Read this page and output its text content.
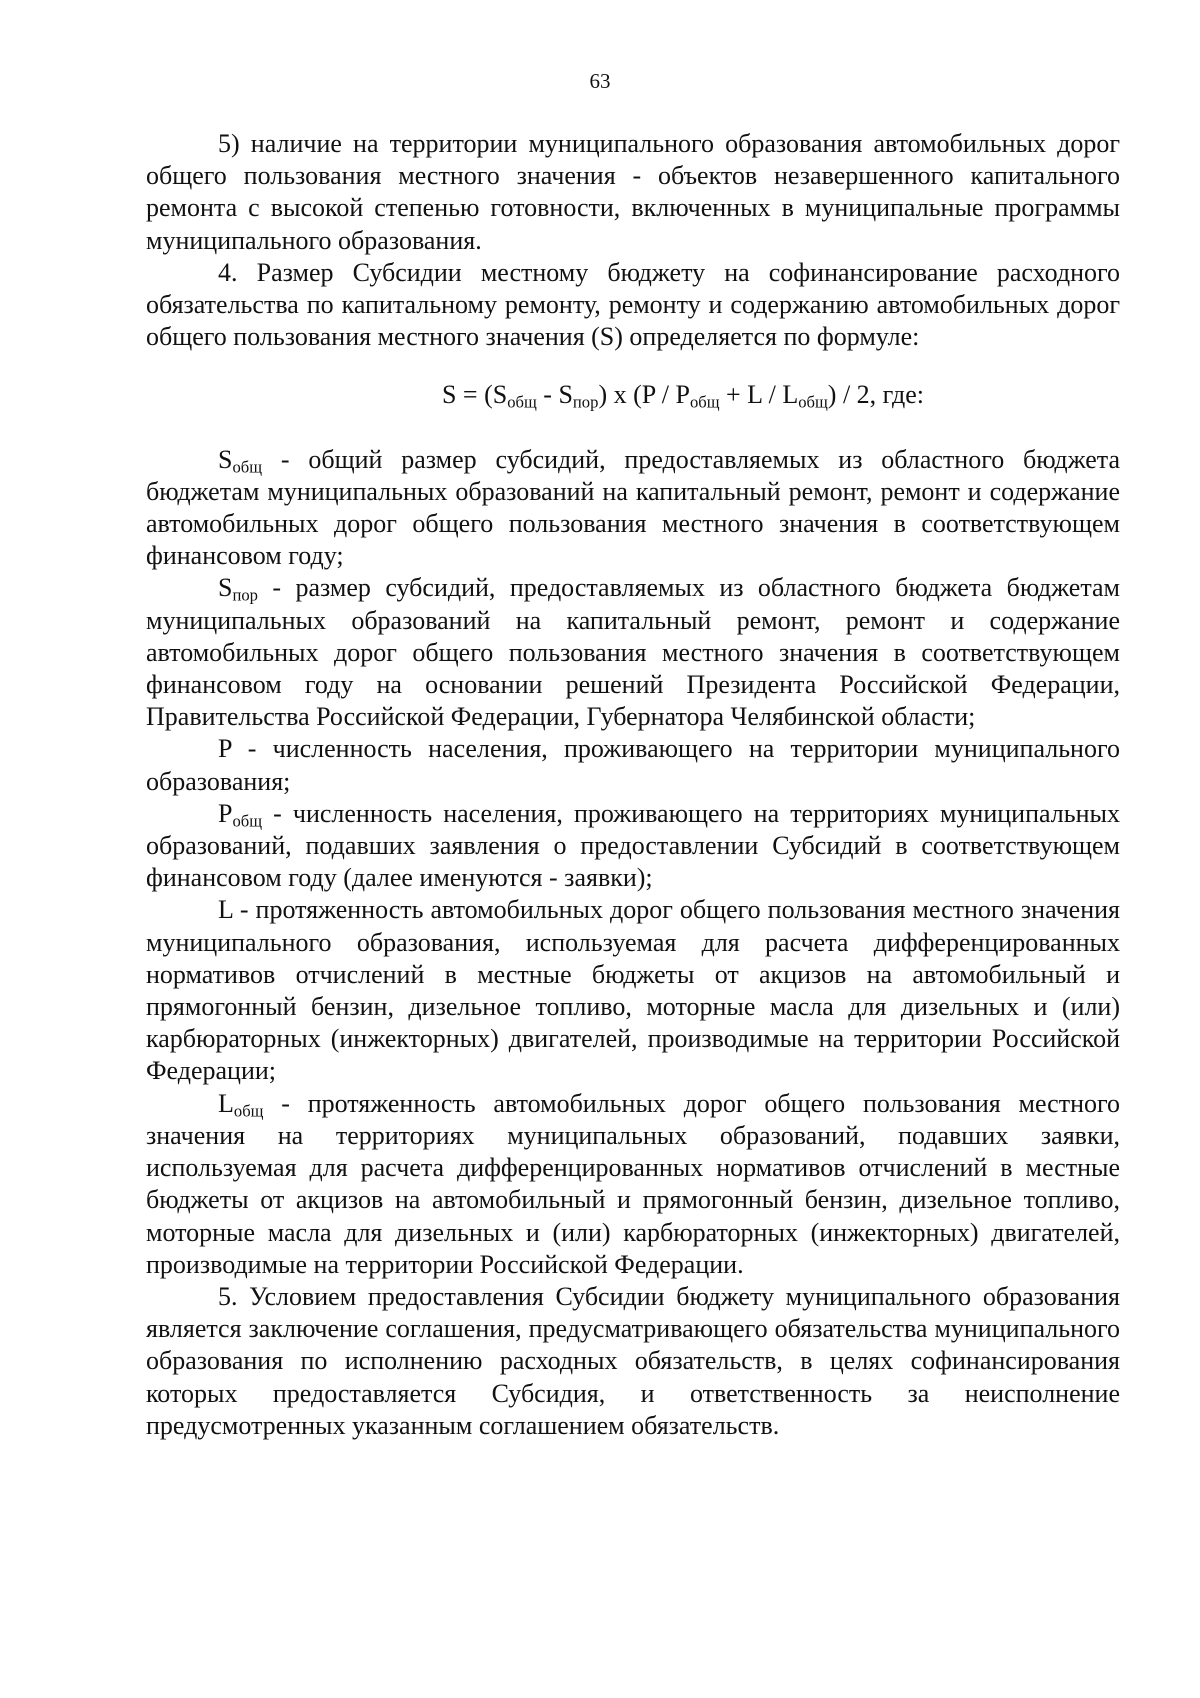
63

5) наличие на территории муниципального образования автомобильных дорог общего пользования местного значения - объектов незавершенного капитального ремонта с высокой степенью готовности, включенных в муниципальные программы муниципального образования.

4. Размер Субсидии местному бюджету на софинансирование расходного обязательства по капитальному ремонту, ремонту и содержанию автомобильных дорог общего пользования местного значения (S) определяется по формуле:

$S = (S_{общ} - S_{пор})$ х $(P / P_{общ} + L / L_{общ}) / 2$, где:

$S_{общ}$ - общий размер субсидий, предоставляемых из областного бюджета бюджетам муниципальных образований на капитальный ремонт, ремонт и содержание автомобильных дорог общего пользования местного значения в соответствующем финансовом году;

$S_{пор}$ - размер субсидий, предоставляемых из областного бюджета бюджетам муниципальных образований на капитальный ремонт, ремонт и содержание автомобильных дорог общего пользования местного значения в соответствующем финансовом году на основании решений Президента Российской Федерации, Правительства Российской Федерации, Губернатора Челябинской области;

P - численность населения, проживающего на территории муниципального образования;

$P_{общ}$ - численность населения, проживающего на территориях муниципальных образований, подавших заявления о предоставлении Субсидий в соответствующем финансовом году (далее именуются - заявки);

L - протяженность автомобильных дорог общего пользования местного значения муниципального образования, используемая для расчета дифференцированных нормативов отчислений в местные бюджеты от акцизов на автомобильный и прямогонный бензин, дизельное топливо, моторные масла для дизельных и (или) карбюраторных (инжекторных) двигателей, производимые на территории Российской Федерации;

$L_{общ}$ - протяженность автомобильных дорог общего пользования местного значения на территориях муниципальных образований, подавших заявки, используемая для расчета дифференцированных нормативов отчислений в местные бюджеты от акцизов на автомобильный и прямогонный бензин, дизельное топливо, моторные масла для дизельных и (или) карбюраторных (инжекторных) двигателей, производимые на территории Российской Федерации.

5. Условием предоставления Субсидии бюджету муниципального образования является заключение соглашения, предусматривающего обязательства муниципального образования по исполнению расходных обязательств, в целях софинансирования которых предоставляется Субсидия, и ответственность за неисполнение предусмотренных указанным соглашением обязательств.
